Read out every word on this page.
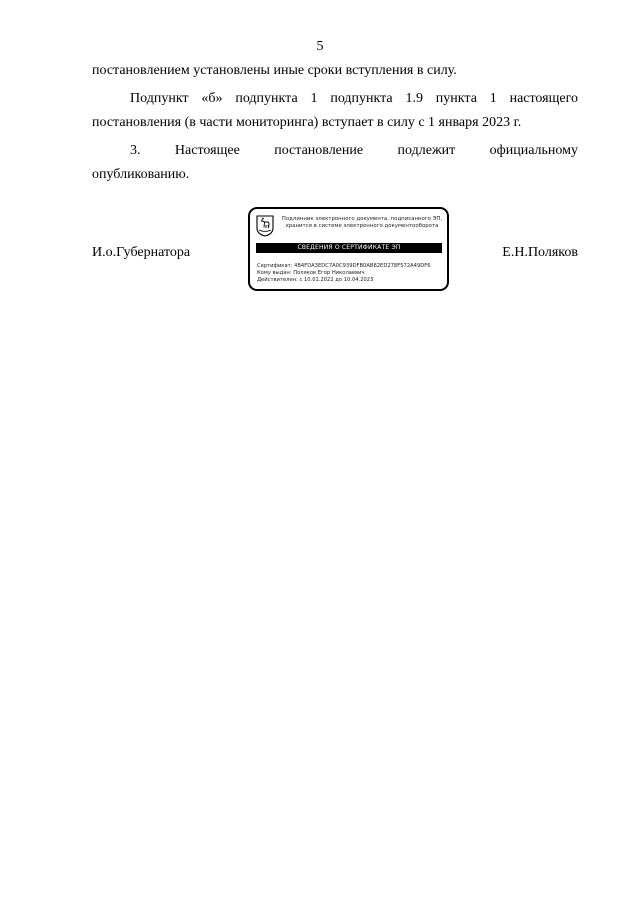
5
постановлением установлены иные сроки вступления в силу.
Подпункт «б» подпункта 1 подпункта 1.9 пункта 1 настоящего
постановления (в части мониторинга) вступает в силу с 1 января 2023 г.
3. Настоящее постановление подлежит официальному
опубликованию.
И.о.Губернатора
Подлинник электронного документа, подписанного ЭП,
хранится в системе электронного документооборота
СВЕДЕНИЯ О СЕРТИФИКАТЕ ЭП
Сертификат: 4B4FDA3EDC7A0C939DFB0AB82ED278F572A49DF6
Кому выдан: Поляков Егор Николаевич
Действителен: с 10.01.2022 до 10.04.2023
Е.Н.Поляков
